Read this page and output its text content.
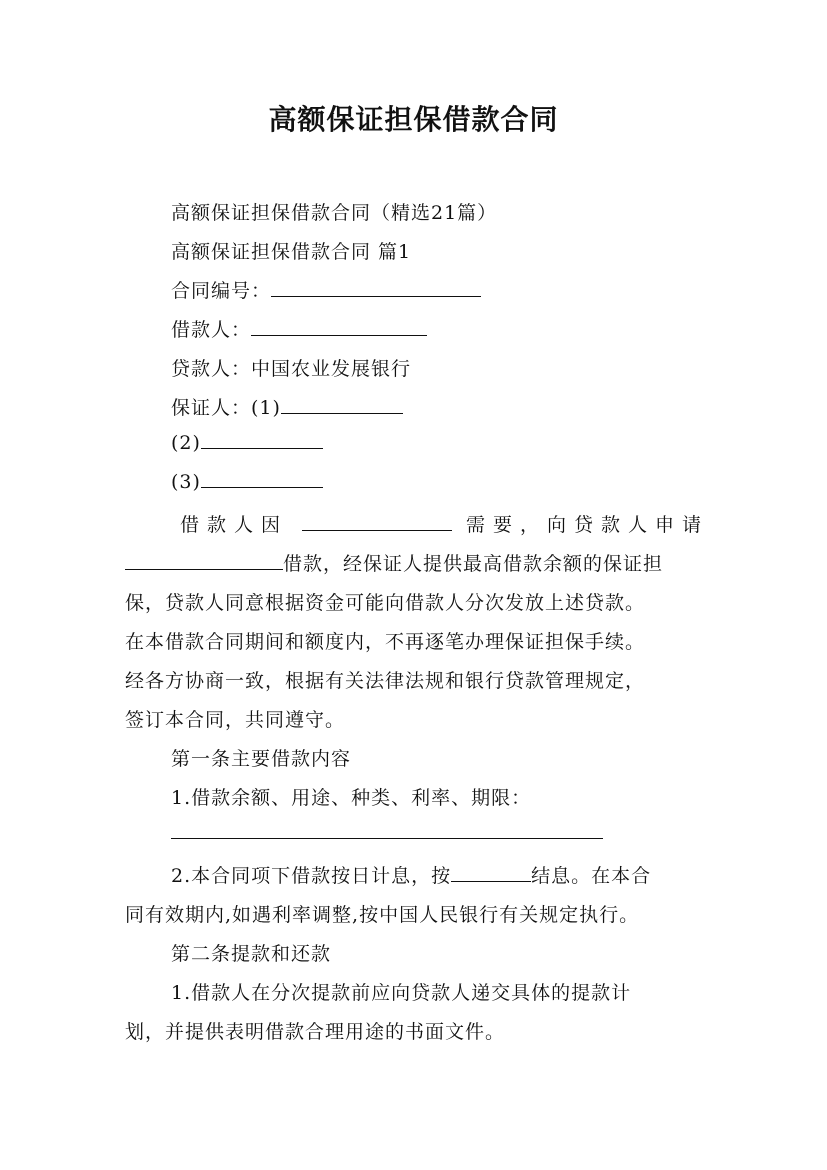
高额保证担保借款合同
高额保证担保借款合同（精选21篇）
高额保证担保借款合同 篇1
合同编号：
借款人：
贷款人：中国农业发展银行
保证人：(1)
(2)
(3)
借款人因	需要，向贷款人申请
借款，经保证人提供最高借款余额的保证担
保，贷款人同意根据资金可能向借款人分次发放上述贷款。
在本借款合同期间和额度内，不再逐笔办理保证担保手续。
经各方协商一致，根据有关法律法规和银行贷款管理规定，
签订本合同，共同遵守。
第一条主要借款内容
1.借款余额、用途、种类、利率、期限：
2.本合同项下借款按日计息，按	结息。在本合
同有效期内,如遇利率调整,按中国人民银行有关规定执行。
第二条提款和还款
1.借款人在分次提款前应向贷款人递交具体的提款计
划，并提供表明借款合理用途的书面文件。
